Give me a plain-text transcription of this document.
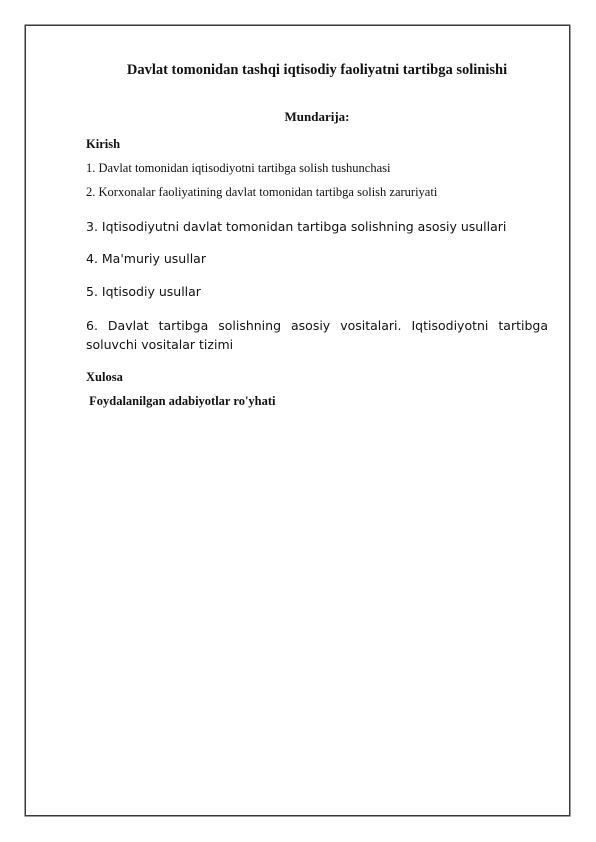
Davlat tomonidan tashqi iqtisodiy faoliyatni tartibga solinishi

Mundarija:

Kirish

1. Davlat tomonidan iqtisodiyotni tartibga solish tushunchasi

2. Korxonalar faoliyatining davlat tomonidan tartibga solish zaruriyati

3. Iqtisodiyutni davlat tomonidan tartibga solishning asosiy usullari

4. Ma'muriy usullar

5. Iqtisodiy usullar

6. Davlat tartibga solishning asosiy vositalari. Iqtisodiyotni tartibga soluvchi vositalar tizimi

Xulosa

Foydalanilgan adabiyotlar ro'yhati
